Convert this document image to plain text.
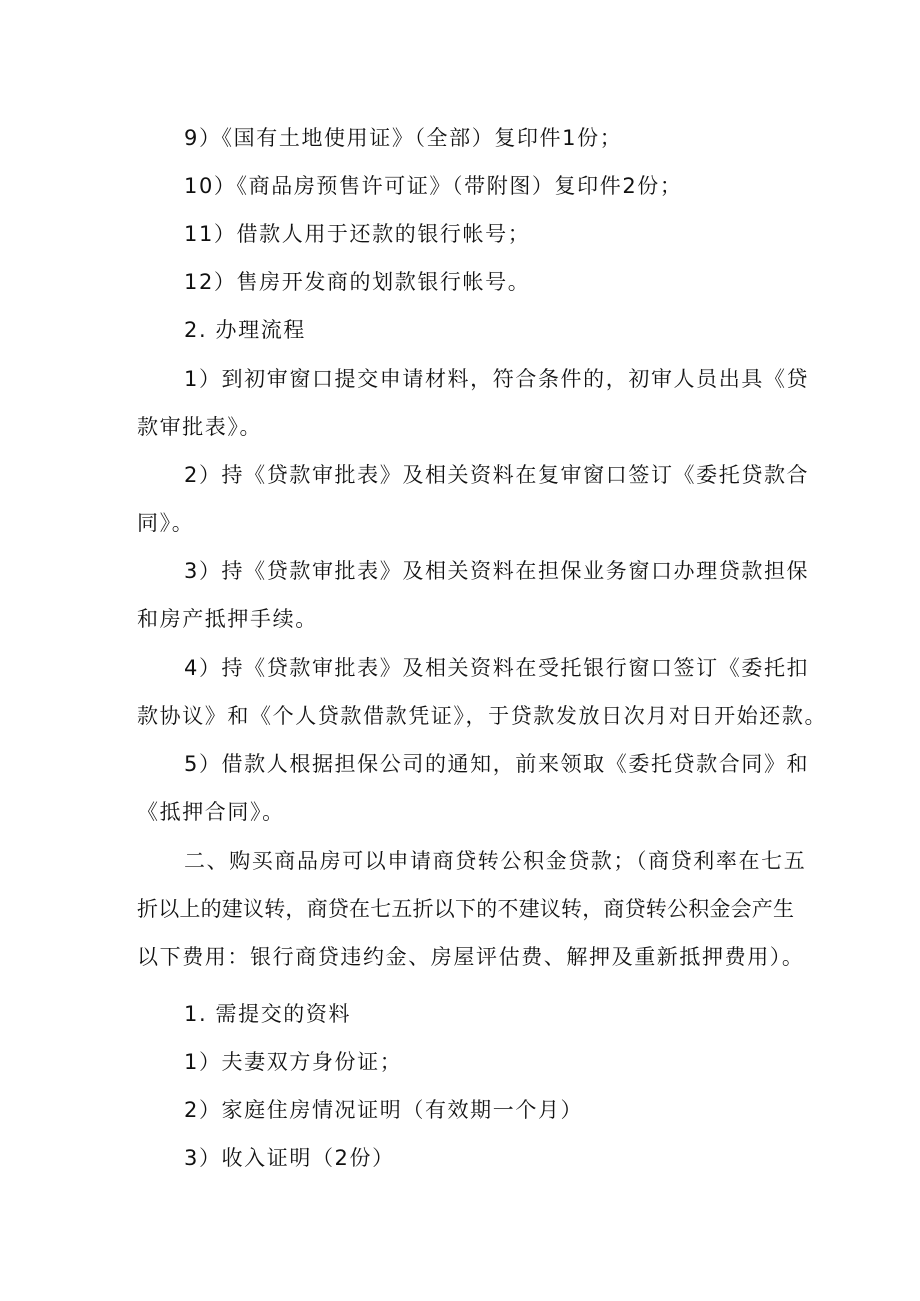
9）《国有土地使用证》（全部）复印件1份；
10）《商品房预售许可证》（带附图）复印件2份；
11）借款人用于还款的银行帐号；
12）售房开发商的划款银行帐号。
2. 办理流程
1）到初审窗口提交申请材料，符合条件的，初审人员出具《贷
款审批表》。
2）持《贷款审批表》及相关资料在复审窗口签订《委托贷款合
同》。
3）持《贷款审批表》及相关资料在担保业务窗口办理贷款担保
和房产抵押手续。
4）持《贷款审批表》及相关资料在受托银行窗口签订《委托扣
款协议》和《个人贷款借款凭证》，于贷款发放日次月对日开始还款。
5）借款人根据担保公司的通知，前来领取《委托贷款合同》和
《抵押合同》。
二、购买商品房可以申请商贷转公积金贷款；（商贷利率在七五
折以上的建议转，商贷在七五折以下的不建议转，商贷转公积金会产生
以下费用：银行商贷违约金、房屋评估费、解押及重新抵押费用）。
1. 需提交的资料
1）夫妻双方身份证；
2）家庭住房情况证明（有效期一个月）
3）收入证明（2份）
